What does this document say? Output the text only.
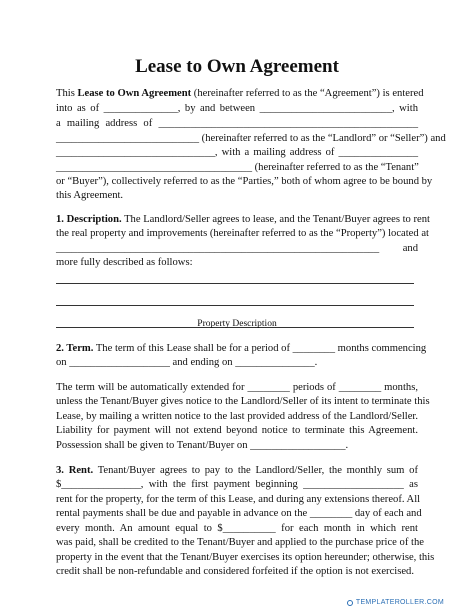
Lease to Own Agreement
This Lease to Own Agreement (hereinafter referred to as the “Agreement”) is entered
into as of ______________, by and between _________________________, with
a mailing address of _________________________________________________
___________________________ (hereinafter referred to as the “Landlord” or “Seller”) and
______________________________, with a mailing address of _______________
_____________________________________ (hereinafter referred to as the “Tenant”
or “Buyer”), collectively referred to as the “Parties,” both of whom agree to be bound by
this Agreement.
1. Description. The Landlord/Seller agrees to lease, and the Tenant/Buyer agrees to rent
the real property and improvements (hereinafter referred to as the “Property”) located at
_____________________________________________________________ and
more fully described as follows:
Property Description
2. Term. The term of this Lease shall be for a period of ________ months commencing
on ___________________ and ending on _______________.
The term will be automatically extended for ________ periods of ________ months,
unless the Tenant/Buyer gives notice to the Landlord/Seller of its intent to terminate this
Lease, by mailing a written notice to the last provided address of the Landlord/Seller.
Liability for payment will not extend beyond notice to terminate this Agreement.
Possession shall be given to Tenant/Buyer on __________________.
3. Rent. Tenant/Buyer agrees to pay to the Landlord/Seller, the monthly sum of
$_______________, with the first payment beginning ___________________ as
rent for the property, for the term of this Lease, and during any extensions thereof. All
rental payments shall be due and payable in advance on the ________ day of each and
every month. An amount equal to $__________ for each month in which rent
was paid, shall be credited to the Tenant/Buyer and applied to the purchase price of the
property in the event that the Tenant/Buyer exercises its option hereunder; otherwise, this
credit shall be non-refundable and considered forfeited if the option is not exercised.
TEMPLATEROLLER.COM
